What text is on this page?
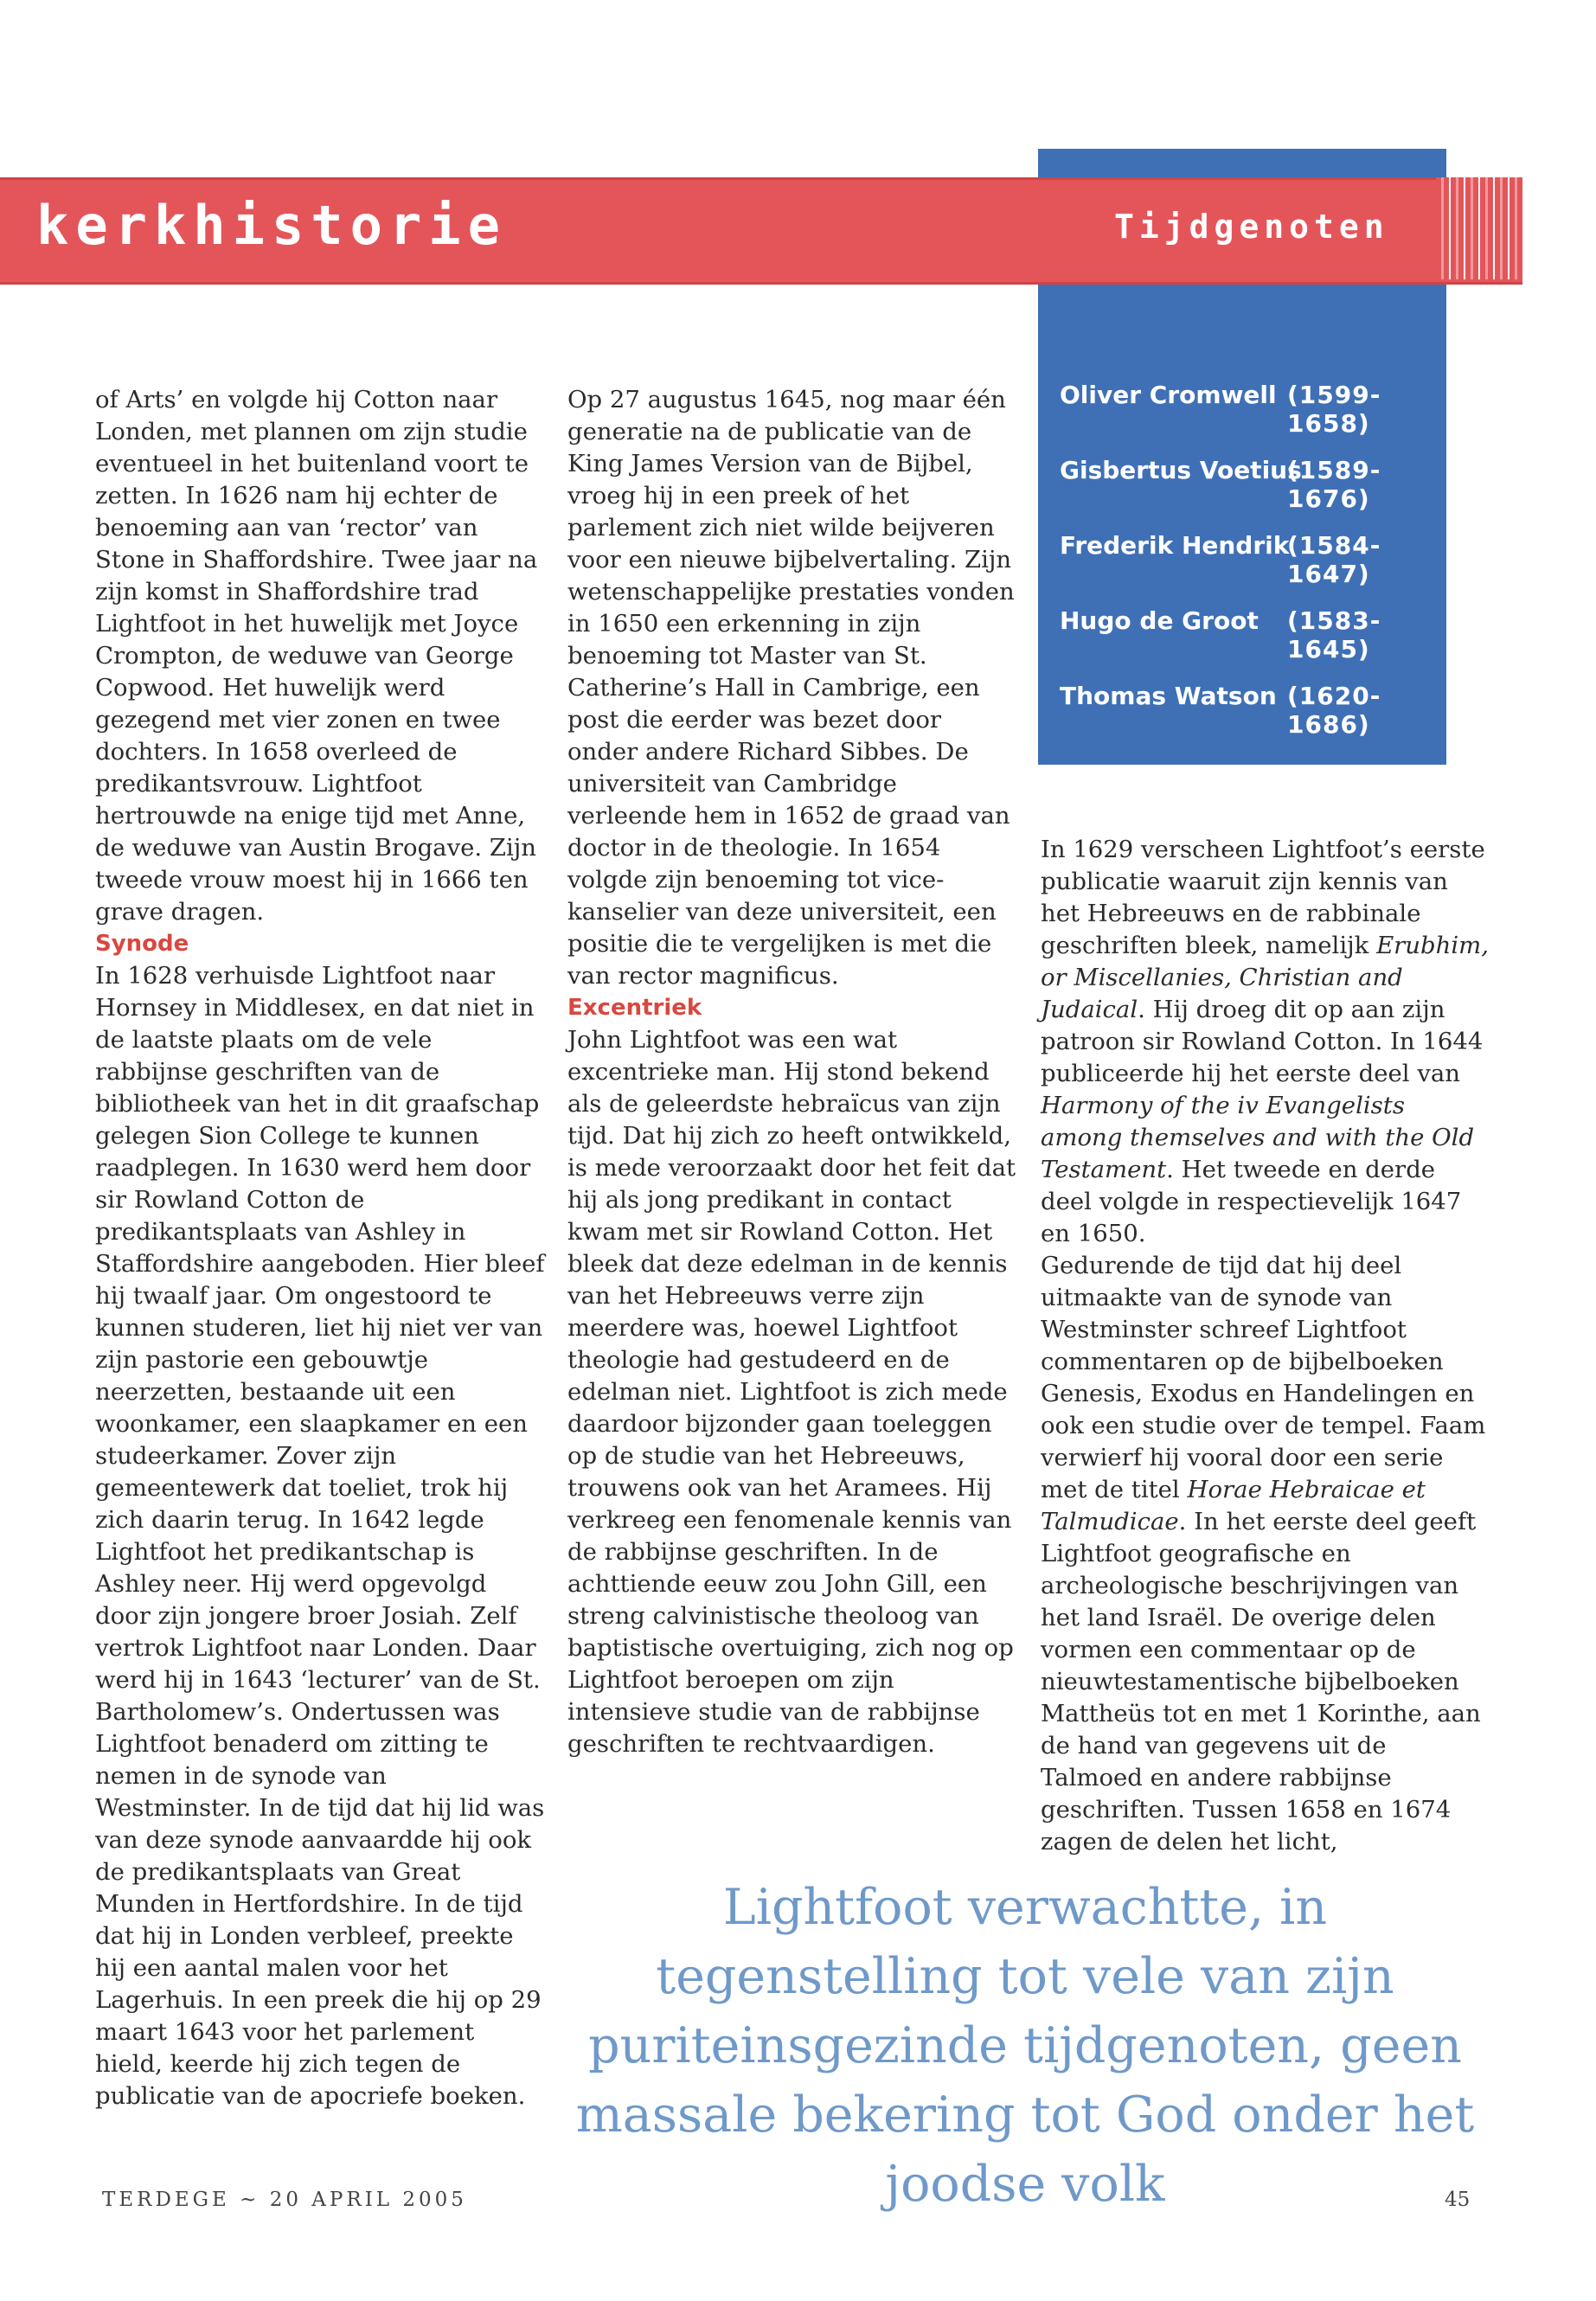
kerkhistorie	Tijdgenoten
Oliver Cromwell (1599-1658)
Gisbertus Voetius
(1589-1676)
Frederik Hendrik
(1584-1647)
Hugo de Groot (1583-1645)
Thomas Watson (1620-1686)

of Arts’ en volgde hij Cotton naar Londen, met plannen om zijn studie eventueel in het buitenland voort te zetten. In 1626 nam hij echter de benoeming aan van ‘rector’ van Stone in Shaffordshire. Twee jaar na zijn komst in Shaffordshire trad Lightfoot in het huwelijk met Joyce Crompton, de weduwe van George Copwood. Het huwelijk werd gezegend met vier zonen en twee dochters. In 1658 overleed de predikantsvrouw. Lightfoot hertrouwde na enige tijd met Anne, de weduwe van Austin Brogave. Zijn tweede vrouw moest hij in 1666 ten grave dragen.

Synode

In 1628 verhuisde Lightfoot naar Hornsey in Middlesex, en dat niet in de laatste plaats om de vele rabbijnse geschriften van de bibliotheek van het in dit graafschap gelegen Sion College te kunnen raadplegen. In 1630 werd hem door sir Rowland Cotton de predikantsplaats van Ashley in Staffordshire aangeboden. Hier bleef hij twaalf jaar. Om ongestoord te kunnen studeren, liet hij niet ver van zijn pastorie een gebouwtje neerzetten, bestaande uit een woonkamer, een slaapkamer en een studeerkamer. Zover zijn gemeentewerk dat toeliet, trok hij zich daarin terug. In 1642 legde Lightfoot het predikantschap is Ashley neer. Hij werd opgevolgd door zijn jongere broer Josiah. Zelf vertrok Lightfoot naar Londen. Daar werd hij in 1643 ‘lecturer’ van de St. Bartholomew’s. Ondertussen was Lightfoot benaderd om zitting te nemen in de synode van Westminster. In de tijd dat hij lid was van deze synode aanvaardde hij ook de predikantsplaats van Great Munden in Hertfordshire. In de tijd dat hij in Londen verbleef, preekte hij een aantal malen voor het Lagerhuis. In een preek die hij op 29 maart 1643 voor het parlement hield, keerde hij zich tegen de publicatie van de apocriefe boeken.

Op 27 augustus 1645, nog maar één generatie na de publicatie van de King James Version van de Bijbel, vroeg hij in een preek of het parlement zich niet wilde beijveren voor een nieuwe bijbelvertaling. Zijn wetenschappelijke prestaties vonden in 1650 een erkenning in zijn benoeming tot Master van St. Catherine’s Hall in Cambrige, een post die eerder was bezet door onder andere Richard Sibbes. De universiteit van Cambridge verleende hem in 1652 de graad van doctor in de theologie. In 1654 volgde zijn benoeming tot vice-kanselier van deze universiteit, een positie die te vergelijken is met die van rector magnificus.

Excentriek

John Lightfoot was een wat excentrieke man. Hij stond bekend als de geleerdste hebraïcus van zijn tijd. Dat hij zich zo heeft ontwikkeld, is mede veroorzaakt door het feit dat hij als jong predikant in contact kwam met sir Rowland Cotton. Het bleek dat deze edelman in de kennis van het Hebreeuws verre zijn meerdere was, hoewel Lightfoot theologie had gestudeerd en de edelman niet. Lightfoot is zich mede daardoor bijzonder gaan toeleggen op de studie van het Hebreeuws, trouwens ook van het Aramees. Hij verkreeg een fenomenale kennis van de rabbijnse geschriften. In de achttiende eeuw zou John Gill, een streng calvinistische theoloog van baptistische overtuiging, zich nog op Lightfoot beroepen om zijn intensieve studie van de rabbijnse geschriften te rechtvaardigen.

In 1629 verscheen Lightfoot’s eerste publicatie waaruit zijn kennis van het Hebreeuws en de rabbinale geschriften bleek, namelijk Erubhim, or Miscellanies, Christian and Judaical. Hij droeg dit op aan zijn patroon sir Rowland Cotton. In 1644 publiceerde hij het eerste deel van Harmony of the iv Evangelists among themselves and with the Old Testament. Het tweede en derde deel volgde in respectievelijk 1647 en 1650.

Gedurende de tijd dat hij deel uitmaakte van de synode van Westminster schreef Lightfoot commentaren op de bijbelboeken Genesis, Exodus en Handelingen en ook een studie over de tempel. Faam verwierf hij vooral door een serie met de titel Horae Hebraicae et Talmudicae. In het eerste deel geeft Lightfoot geografische en archeologische beschrijvingen van het land Israël. De overige delen vormen een commentaar op de nieuwtestamentische bijbelboeken Mattheüs tot en met 1 Korinthe, aan de hand van gegevens uit de Talmoed en andere rabbijnse geschriften. Tussen 1658 en 1674 zagen de delen het licht,

Lightfoot verwachtte, in tegenstelling tot vele van zijn puriteinsgezinde tijdgenoten, geen massale bekering tot God onder het joodse volk
TERDEGE ~ 20 APRIL 2005	45
